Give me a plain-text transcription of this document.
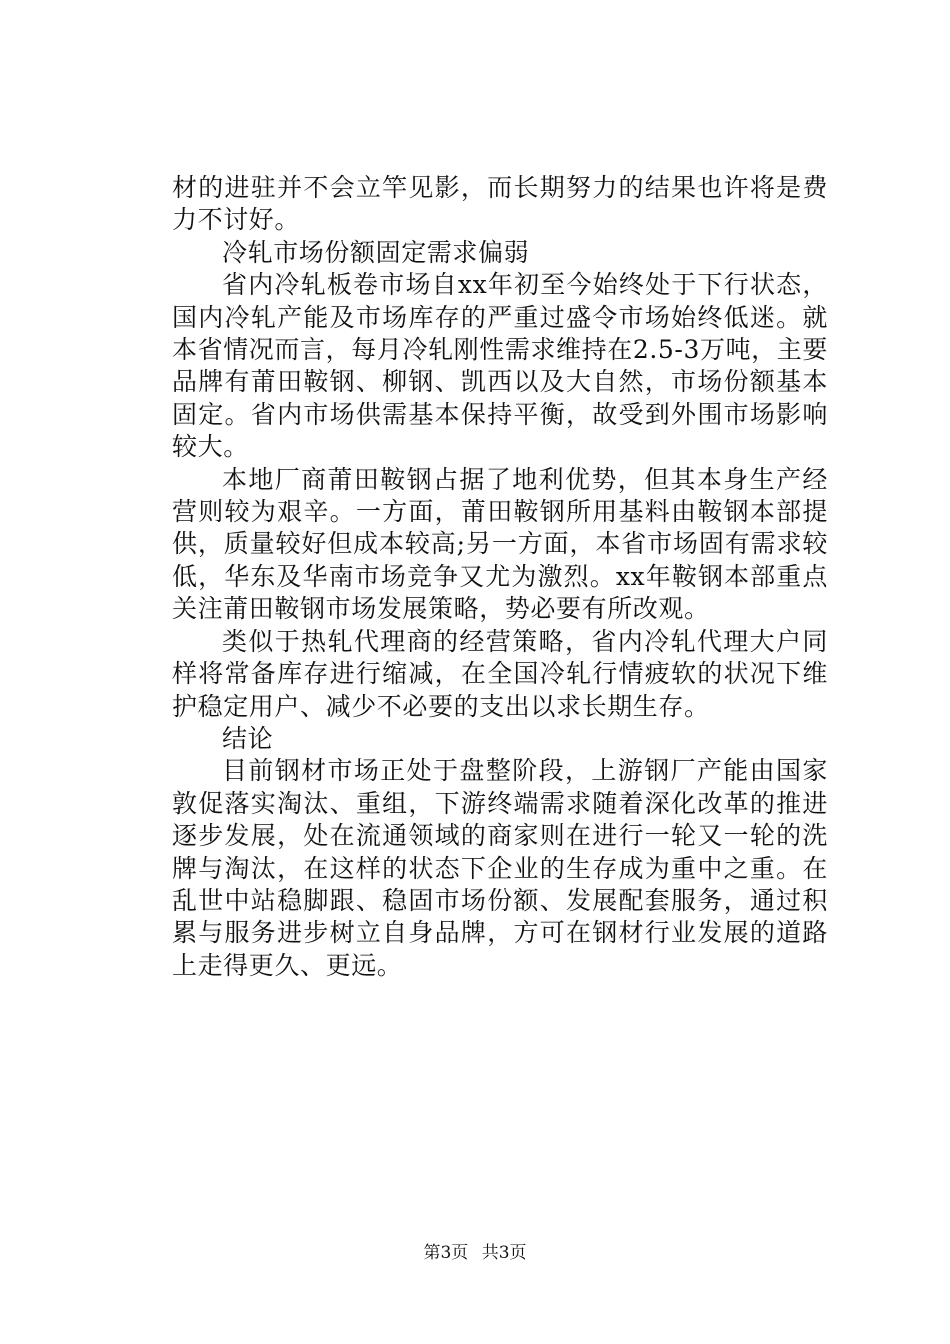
材的进驻并不会立竿见影，而长期努力的结果也许将是费力不讨好。

冷轧市场份额固定需求偏弱

省内冷轧板卷市场自xx年初至今始终处于下行状态，国内冷轧产能及市场库存的严重过盛令市场始终低迷。就本省情况而言，每月冷轧刚性需求维持在2.5-3万吨，主要品牌有莆田鞍钢、柳钢、凯西以及大自然，市场份额基本固定。省内市场供需基本保持平衡，故受到外围市场影响较大。

本地厂商莆田鞍钢占据了地利优势，但其本身生产经营则较为艰辛。一方面，莆田鞍钢所用基料由鞍钢本部提供，质量较好但成本较高;另一方面，本省市场固有需求较低，华东及华南市场竞争又尤为激烈。xx年鞍钢本部重点关注莆田鞍钢市场发展策略，势必要有所改观。

类似于热轧代理商的经营策略，省内冷轧代理大户同样将常备库存进行缩减，在全国冷轧行情疲软的状况下维护稳定用户、减少不必要的支出以求长期生存。

结论

目前钢材市场正处于盘整阶段，上游钢厂产能由国家敦促落实淘汰、重组，下游终端需求随着深化改革的推进逐步发展，处在流通领域的商家则在进行一轮又一轮的洗牌与淘汰，在这样的状态下企业的生存成为重中之重。在乱世中站稳脚跟、稳固市场份额、发展配套服务，通过积累与服务进步树立自身品牌，方可在钢材行业发展的道路上走得更久、更远。

第3页 共3页
